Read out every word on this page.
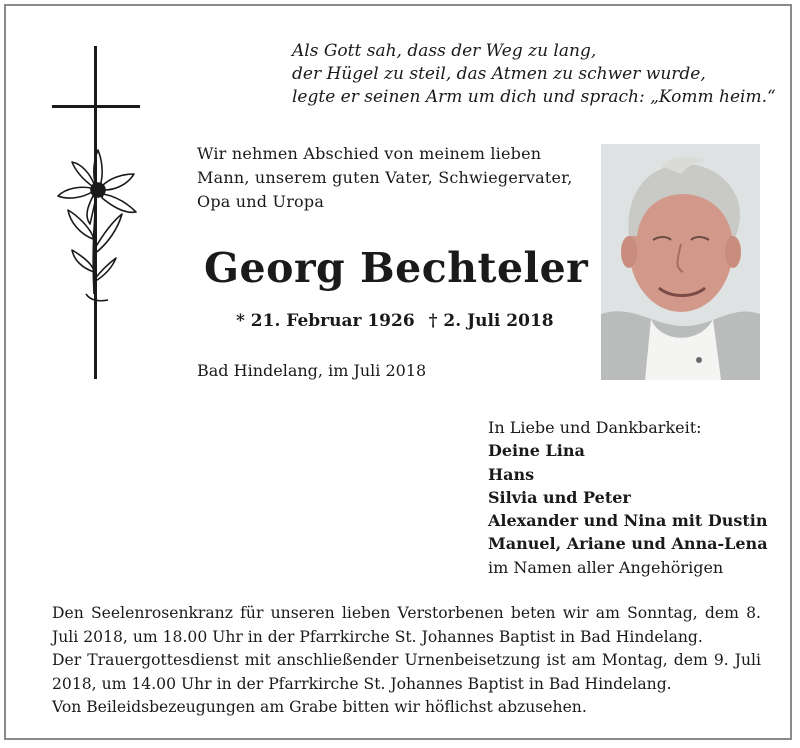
Als Gott sah, dass der Weg zu lang,
der Hügel zu steil, das Atmen zu schwer wurde,
legte er seinen Arm um dich und sprach: „Komm heim.“
Wir nehmen Abschied von meinem lieben
Mann, unserem guten Vater, Schwiegervater,
Opa und Uropa
Georg Bechteler
* 21. Februar 1926 † 2. Juli 2018
Bad Hindelang, im Juli 2018
In Liebe und Dankbarkeit:
Deine Lina
Hans
Silvia und Peter
Alexander und Nina mit Dustin
Manuel, Ariane und Anna-Lena
im Namen aller Angehörigen

Den Seelenrosenkranz für unseren lieben Verstorbenen beten wir am Sonntag, dem 8. Juli 2018, um 18.00 Uhr in der Pfarrkirche St. Johannes Baptist in Bad Hindelang.

Der Trauergottesdienst mit anschließender Urnenbeisetzung ist am Montag, dem 9. Juli 2018, um 14.00 Uhr in der Pfarrkirche St. Johannes Baptist in Bad Hindelang.

Von Beileidsbezeugungen am Grabe bitten wir höflichst abzusehen.
